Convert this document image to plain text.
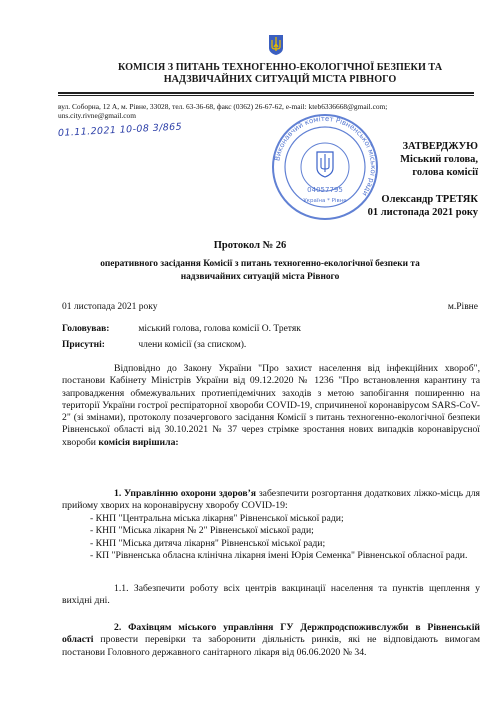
КОМІСІЯ З ПИТАНЬ ТЕХНОГЕННО-ЕКОЛОГІЧНОЇ БЕЗПЕКИ ТА
НАДЗВИЧАЙНИХ СИТУАЦІЙ МІСТА РІВНОГО
вул. Соборна, 12 А, м. Рівне, 33028, тел. 63-36-68, факс (0362) 26-67-62, e-mail: kteb6336668@gmail.com;
uns.city.rivne@gmail.com
01.11.2021 10-08 3/865
Виконавчий комітет Рівненської міської ради
04057795
Україна * Рівне
ЗАТВЕРДЖУЮ
Міський голова,
голова комісії
Олександр ТРЕТЯК
01 листопада 2021 року
Протокол № 26
оперативного засідання Комісії з питань техногенно-екологічної безпеки та
надзвичайних ситуацій міста Рівного
01 листопада 2021 року	м.Рівне
Головував:	міський голова, голова комісії О. Третяк
Присутні:	члени комісії (за списком).
Відповідно до Закону України "Про захист населення від інфекційних хвороб", постанови Кабінету Міністрів України від 09.12.2020 № 1236 "Про встановлення карантину та запровадження обмежувальних протиепідемічних заходів з метою запобігання поширенню на території України гострої респіраторної хвороби COVID-19, спричиненої коронавірусом SARS-CoV-2" (зі змінами), протоколу позачергового засідання Комісії з питань техногенно-екологічної безпеки Рівненської області від 30.10.2021 № 37 через стрімке зростання нових випадків коронавірусної хвороби комісія вирішила:
1. Управлінню охорони здоров’я забезпечити розгортання додаткових ліжко-місць для прийому хворих на коронавірусну хворобу COVID-19:
- КНП "Центральна міська лікарня" Рівненської міської ради;
- КНП "Міська лікарня № 2" Рівненської міської ради;
- КНП "Міська дитяча лікарня" Рівненської міської ради;
- КП "Рівненська обласна клінічна лікарня імені Юрія Семенка" Рівненської обласної ради.
1.1. Забезпечити роботу всіх центрів вакцинації населення та пунктів щеплення у вихідні дні.
2. Фахівцям міського управління ГУ Держпродспоживслужби в Рівненській області провести перевірки та заборонити діяльність ринків, які не відповідають вимогам постанови Головного державного санітарного лікаря від 06.06.2020 № 34.
